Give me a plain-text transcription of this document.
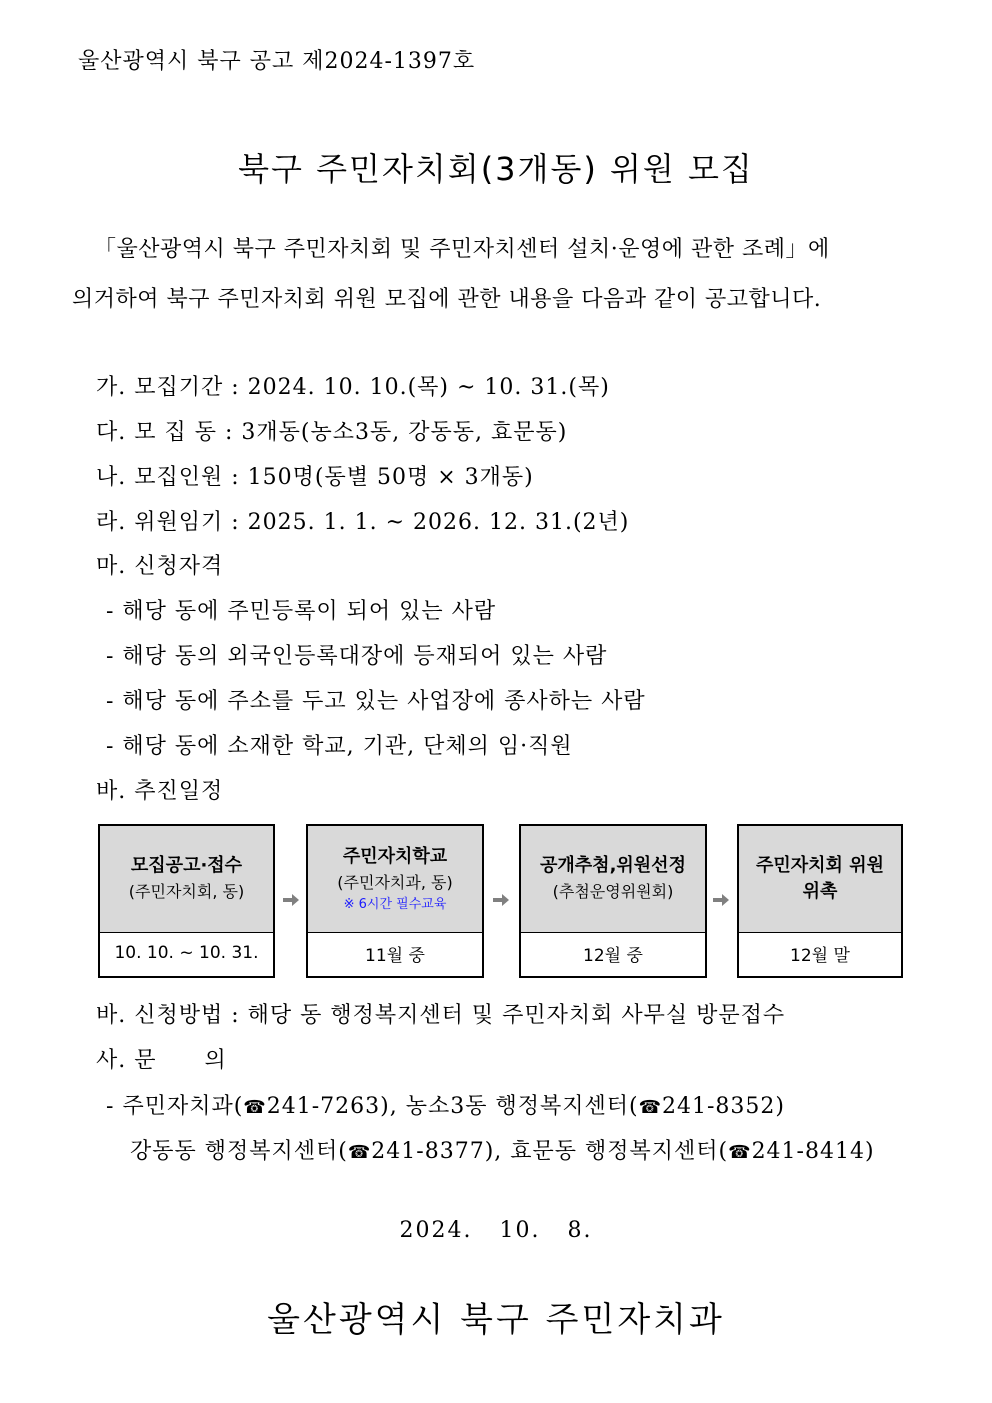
울산광역시 북구 공고 제2024-1397호
북구 주민자치회(3개동) 위원 모집
「울산광역시 북구 주민자치회 및 주민자치센터 설치·운영에 관한 조례」에
의거하여 북구 주민자치회 위원 모집에 관한 내용을 다음과 같이 공고합니다.
가. 모집기간 : 2024. 10. 10.(목) ~ 10. 31.(목)
다. 모 집 동 : 3개동(농소3동, 강동동, 효문동)
나. 모집인원 : 150명(동별 50명 × 3개동)
라. 위원임기 : 2025. 1. 1. ~ 2026. 12. 31.(2년)
마. 신청자격
- 해당 동에 주민등록이 되어 있는 사람
- 해당 동의 외국인등록대장에 등재되어 있는 사람
- 해당 동에 주소를 두고 있는 사업장에 종사하는 사람
- 해당 동에 소재한 학교, 기관, 단체의 임·직원
바. 추진일정
모집공고·접수
(주민자치회, 동)
10. 10. ~ 10. 31.
주민자치학교
(주민자치과, 동)
※ 6시간 필수교육
11월 중
공개추첨,위원선정
(추첨운영위원회)
12월 중
주민자치회 위원 위촉
12월 말
바. 신청방법 : 해당 동 행정복지센터 및 주민자치회 사무실 방문접수
사. 문      의
- 주민자치과(☎241-7263), 농소3동 행정복지센터(☎241-8352)
강동동 행정복지센터(☎241-8377), 효문동 행정복지센터(☎241-8414)
2024.   10.   8.
울산광역시 북구 주민자치과
